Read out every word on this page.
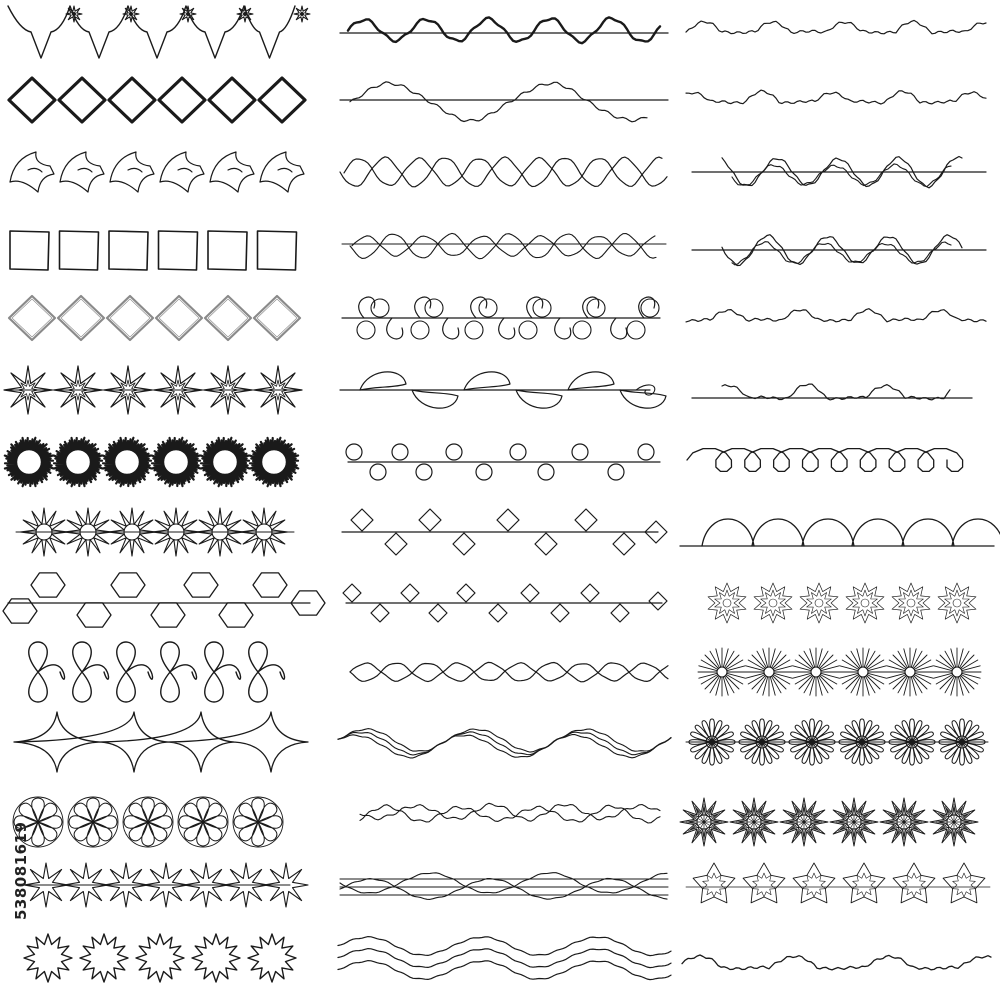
538081619
